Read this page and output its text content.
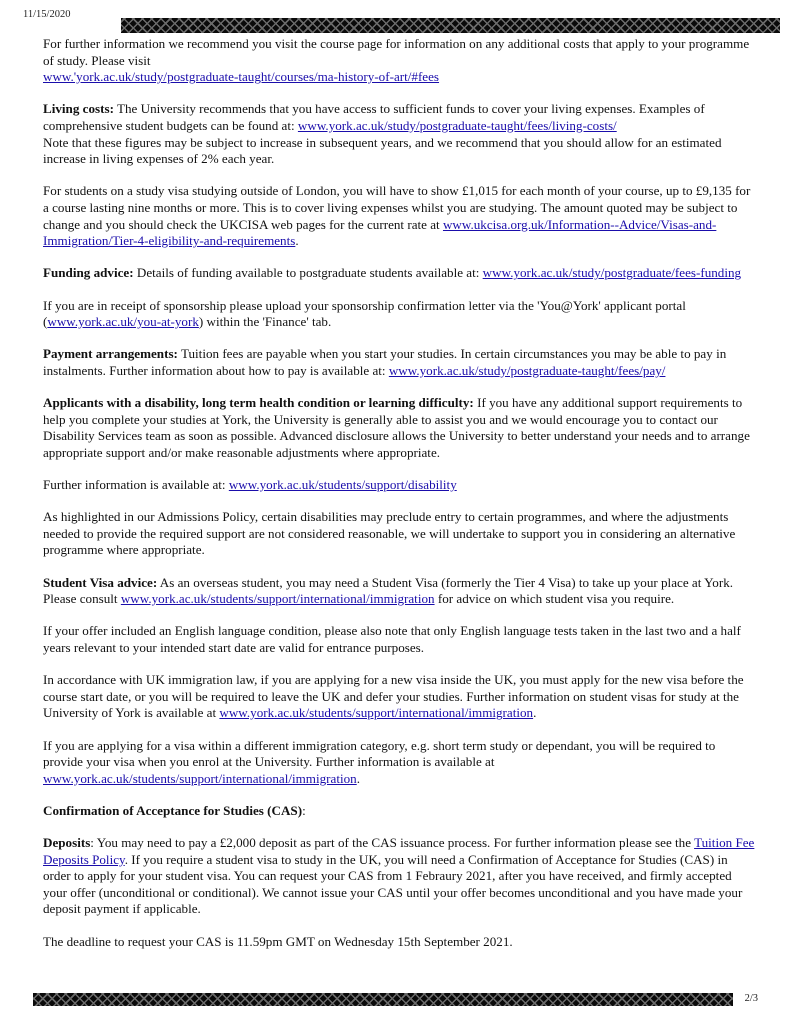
11/15/2020

For further information we recommend you visit the course page for information on any additional costs that apply to your programme of study. Please visit
www.'york.ac.uk/study/postgraduate-taught/courses/ma-history-of-art/#fees

Living costs: The University recommends that you have access to sufficient funds to cover your living expenses. Examples of comprehensive student budgets can be found at: www.york.ac.uk/study/postgraduate-taught/fees/living-costs/
Note that these figures may be subject to increase in subsequent years, and we recommend that you should allow for an estimated increase in living expenses of 2% each year.

For students on a study visa studying outside of London, you will have to show £1,015 for each month of your course, up to £9,135 for a course lasting nine months or more. This is to cover living expenses whilst you are studying. The amount quoted may be subject to change and you should check the UKCISA web pages for the current rate at www.ukcisa.org.uk/Information--Advice/Visas-and-Immigration/Tier-4-eligibility-and-requirements.

Funding advice: Details of funding available to postgraduate students available at: www.york.ac.uk/study/postgraduate/fees-funding

If you are in receipt of sponsorship please upload your sponsorship confirmation letter via the 'You@York' applicant portal (www.york.ac.uk/you-at-york) within the 'Finance' tab.

Payment arrangements: Tuition fees are payable when you start your studies. In certain circumstances you may be able to pay in instalments. Further information about how to pay is available at: www.york.ac.uk/study/postgraduate-taught/fees/pay/

Applicants with a disability, long term health condition or learning difficulty: If you have any additional support requirements to help you complete your studies at York, the University is generally able to assist you and we would encourage you to contact our Disability Services team as soon as possible. Advanced disclosure allows the University to better understand your needs and to arrange appropriate support and/or make reasonable adjustments where appropriate.

Further information is available at: www.york.ac.uk/students/support/disability

As highlighted in our Admissions Policy, certain disabilities may preclude entry to certain programmes, and where the adjustments needed to provide the required support are not considered reasonable, we will undertake to support you in considering an alternative programme where appropriate.

Student Visa advice: As an overseas student, you may need a Student Visa (formerly the Tier 4 Visa) to take up your place at York. Please consult www.york.ac.uk/students/support/international/immigration for advice on which student visa you require.

If your offer included an English language condition, please also note that only English language tests taken in the last two and a half years relevant to your intended start date are valid for entrance purposes.

In accordance with UK immigration law, if you are applying for a new visa inside the UK, you must apply for the new visa before the course start date, or you will be required to leave the UK and defer your studies. Further information on student visas for study at the University of York is available at www.york.ac.uk/students/support/international/immigration.

If you are applying for a visa within a different immigration category, e.g. short term study or dependant, you will be required to provide your visa when you enrol at the University. Further information is available at
www.york.ac.uk/students/support/international/immigration.

Confirmation of Acceptance for Studies (CAS):

Deposits: You may need to pay a £2,000 deposit as part of the CAS issuance process. For further information please see the Tuition Fee Deposits Policy. If you require a student visa to study in the UK, you will need a Confirmation of Acceptance for Studies (CAS) in order to apply for your student visa. You can request your CAS from 1 Febraury 2021, after you have received, and firmly accepted your offer (unconditional or conditional). We cannot issue your CAS until your offer becomes unconditional and you have made your deposit payment if applicable.

The deadline to request your CAS is 11.59pm GMT on Wednesday 15th September 2021.

2/3
